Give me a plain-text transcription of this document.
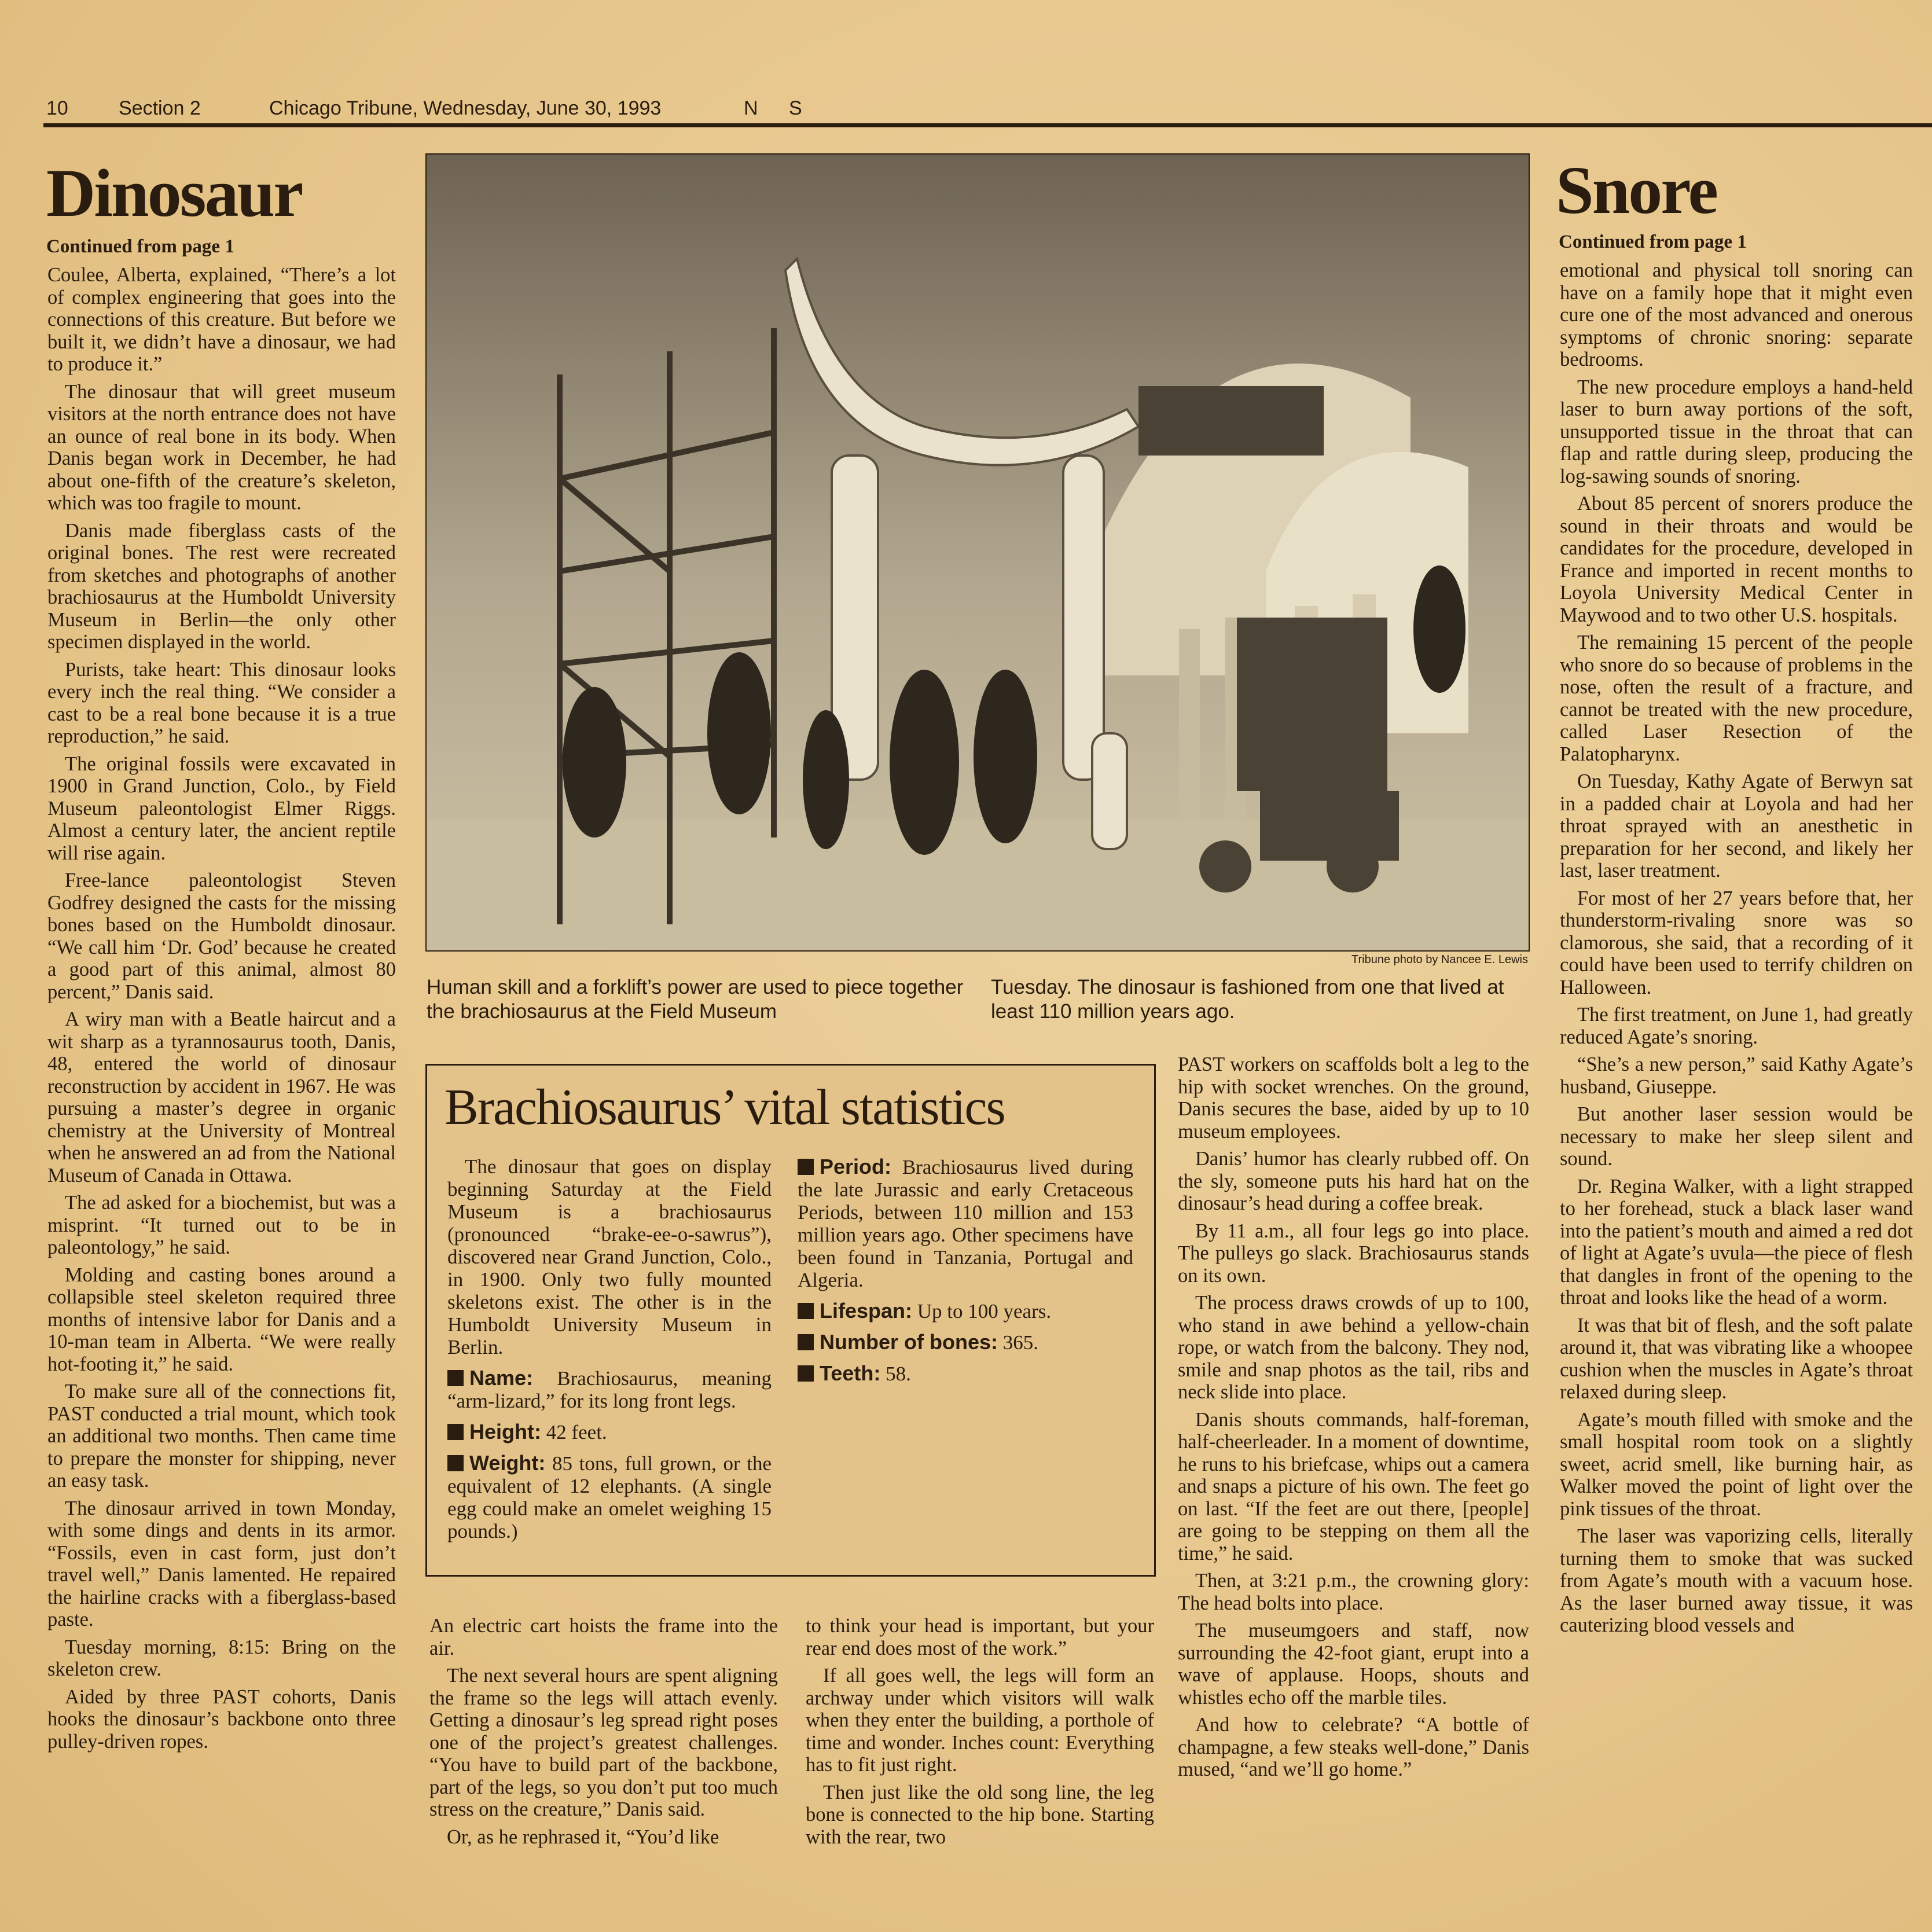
10	Section 2	Chicago Tribune, Wednesday, June 30, 1993	N S
Dinosaur
Continued from page 1

Coulee, Alberta, explained, “There’s a lot of complex engineering that goes into the connections of this creature. But before we built it, we didn’t have a dinosaur, we had to produce it.”

The dinosaur that will greet museum visitors at the north entrance does not have an ounce of real bone in its body. When Danis began work in December, he had about one-fifth of the creature’s skeleton, which was too fragile to mount.

Danis made fiberglass casts of the original bones. The rest were recreated from sketches and photographs of another brachiosaurus at the Humboldt University Museum in Berlin—the only other specimen displayed in the world.

Purists, take heart: This dinosaur looks every inch the real thing. “We consider a cast to be a real bone because it is a true reproduction,” he said.

The original fossils were excavated in 1900 in Grand Junction, Colo., by Field Museum paleontologist Elmer Riggs. Almost a century later, the ancient reptile will rise again.

Free-lance paleontologist Steven Godfrey designed the casts for the missing bones based on the Humboldt dinosaur. “We call him ‘Dr. God’ because he created a good part of this animal, almost 80 percent,” Danis said.

A wiry man with a Beatle haircut and a wit sharp as a tyrannosaurus tooth, Danis, 48, entered the world of dinosaur reconstruction by accident in 1967. He was pursuing a master’s degree in organic chemistry at the University of Montreal when he answered an ad from the National Museum of Canada in Ottawa.

The ad asked for a biochemist, but was a misprint. “It turned out to be in paleontology,” he said.

Molding and casting bones around a collapsible steel skeleton required three months of intensive labor for Danis and a 10-man team in Alberta. “We were really hot-footing it,” he said.

To make sure all of the connections fit, PAST conducted a trial mount, which took an additional two months. Then came time to prepare the monster for shipping, never an easy task.

The dinosaur arrived in town Monday, with some dings and dents in its armor. “Fossils, even in cast form, just don’t travel well,” Danis lamented. He repaired the hairline cracks with a fiberglass-based paste.

Tuesday morning, 8:15: Bring on the skeleton crew.

Aided by three PAST cohorts, Danis hooks the dinosaur’s backbone onto three pulley-driven ropes.

Tribune photo by Nancee E. Lewis
Human skill and a forklift’s power are used to piece together the brachiosaurus at the Field Museum
Tuesday. The dinosaur is fashioned from one that lived at least 110 million years ago.
Brachiosaurus’ vital statistics

The dinosaur that goes on display beginning Saturday at the Field Museum is a brachiosaurus (pronounced “brake-ee-o-sawrus”), discovered near Grand Junction, Colo., in 1900. Only two fully mounted skeletons exist. The other is in the Humboldt University Museum in Berlin.

Name: Brachiosaurus, meaning “arm-lizard,” for its long front legs.

Height: 42 feet.

Weight: 85 tons, full grown, or the equivalent of 12 elephants. (A single egg could make an omelet weighing 15 pounds.)

Period: Brachiosaurus lived during the late Jurassic and early Cretaceous Periods, between 110 million and 153 million years ago. Other specimens have been found in Tanzania, Portugal and Algeria.

Lifespan: Up to 100 years.

Number of bones: 365.

Teeth: 58.

An electric cart hoists the frame into the air.

The next several hours are spent aligning the frame so the legs will attach evenly. Getting a dinosaur’s leg spread right poses one of the project’s greatest challenges. “You have to build part of the backbone, part of the legs, so you don’t put too much stress on the creature,” Danis said.

Or, as he rephrased it, “You’d like

to think your head is important, but your rear end does most of the work.”

If all goes well, the legs will form an archway under which visitors will walk when they enter the building, a porthole of time and wonder. Inches count: Everything has to fit just right.

Then just like the old song line, the leg bone is connected to the hip bone. Starting with the rear, two

PAST workers on scaffolds bolt a leg to the hip with socket wrenches. On the ground, Danis secures the base, aided by up to 10 museum employees.

Danis’ humor has clearly rubbed off. On the sly, someone puts his hard hat on the dinosaur’s head during a coffee break.

By 11 a.m., all four legs go into place. The pulleys go slack. Brachiosaurus stands on its own.

The process draws crowds of up to 100, who stand in awe behind a yellow-chain rope, or watch from the balcony. They nod, smile and snap photos as the tail, ribs and neck slide into place.

Danis shouts commands, half-foreman, half-cheerleader. In a moment of downtime, he runs to his briefcase, whips out a camera and snaps a picture of his own. The feet go on last. “If the feet are out there, [people] are going to be stepping on them all the time,” he said.

Then, at 3:21 p.m., the crowning glory: The head bolts into place.

The museumgoers and staff, now surrounding the 42-foot giant, erupt into a wave of applause. Hoops, shouts and whistles echo off the marble tiles.

And how to celebrate? “A bottle of champagne, a few steaks well-done,” Danis mused, “and we’ll go home.”

Snore
Continued from page 1

emotional and physical toll snoring can have on a family hope that it might even cure one of the most advanced and onerous symptoms of chronic snoring: separate bedrooms.

The new procedure employs a hand-held laser to burn away portions of the soft, unsupported tissue in the throat that can flap and rattle during sleep, producing the log-sawing sounds of snoring.

About 85 percent of snorers produce the sound in their throats and would be candidates for the procedure, developed in France and imported in recent months to Loyola University Medical Center in Maywood and to two other U.S. hospitals.

The remaining 15 percent of the people who snore do so because of problems in the nose, often the result of a fracture, and cannot be treated with the new procedure, called Laser Resection of the Palatopharynx.

On Tuesday, Kathy Agate of Berwyn sat in a padded chair at Loyola and had her throat sprayed with an anesthetic in preparation for her second, and likely her last, laser treatment.

For most of her 27 years before that, her thunderstorm-rivaling snore was so clamorous, she said, that a recording of it could have been used to terrify children on Halloween.

The first treatment, on June 1, had greatly reduced Agate’s snoring.

“She’s a new person,” said Kathy Agate’s husband, Giuseppe.

But another laser session would be necessary to make her sleep silent and sound.

Dr. Regina Walker, with a light strapped to her forehead, stuck a black laser wand into the patient’s mouth and aimed a red dot of light at Agate’s uvula—the piece of flesh that dangles in front of the opening to the throat and looks like the head of a worm.

It was that bit of flesh, and the soft palate around it, that was vibrating like a whoopee cushion when the muscles in Agate’s throat relaxed during sleep.

Agate’s mouth filled with smoke and the small hospital room took on a slightly sweet, acrid smell, like burning hair, as Walker moved the point of light over the pink tissues of the throat.

The laser was vaporizing cells, literally turning them to smoke that was sucked from Agate’s mouth with a vacuum hose. As the laser burned away tissue, it was cauterizing blood vessels and
